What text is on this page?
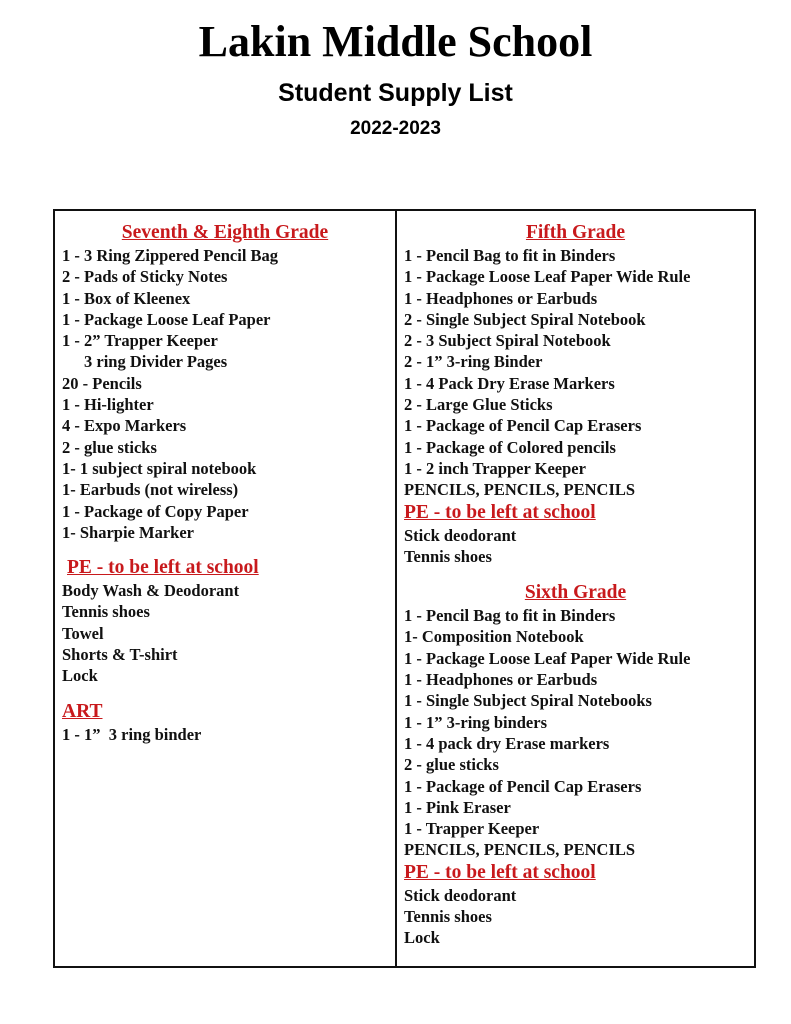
Lakin Middle School
Student Supply List
2022-2023
Seventh & Eighth Grade
1 - 3 Ring Zippered Pencil Bag
2 - Pads of Sticky Notes
1 - Box of Kleenex
1 - Package Loose Leaf Paper
1 - 2” Trapper Keeper
3 ring Divider Pages
20 - Pencils
1 - Hi-lighter
4 - Expo Markers
2 - glue sticks
1- 1 subject spiral notebook
1- Earbuds (not wireless)
1 - Package of Copy Paper
1- Sharpie Marker
PE - to be left at school
Body Wash & Deodorant
Tennis shoes
Towel
Shorts & T-shirt
Lock
ART
1 - 1”  3 ring binder
Fifth Grade
1 - Pencil Bag to fit in Binders
1 - Package Loose Leaf Paper Wide Rule
1 - Headphones or Earbuds
2 - Single Subject Spiral Notebook
2 - 3 Subject Spiral Notebook
2 - 1” 3-ring Binder
1 - 4 Pack Dry Erase Markers
2 - Large Glue Sticks
1 - Package of Pencil Cap Erasers
1 - Package of Colored pencils
1 - 2 inch Trapper Keeper
PENCILS, PENCILS, PENCILS
PE - to be left at school
Stick deodorant
Tennis shoes
Sixth Grade
1 - Pencil Bag to fit in Binders
1- Composition Notebook
1 - Package Loose Leaf Paper Wide Rule
1 - Headphones or Earbuds
1 - Single Subject Spiral Notebooks
1 - 1” 3-ring binders
1 - 4 pack dry Erase markers
2 - glue sticks
1 - Package of Pencil Cap Erasers
1 - Pink Eraser
1 - Trapper Keeper
PENCILS, PENCILS, PENCILS
PE - to be left at school
Stick deodorant
Tennis shoes
Lock
